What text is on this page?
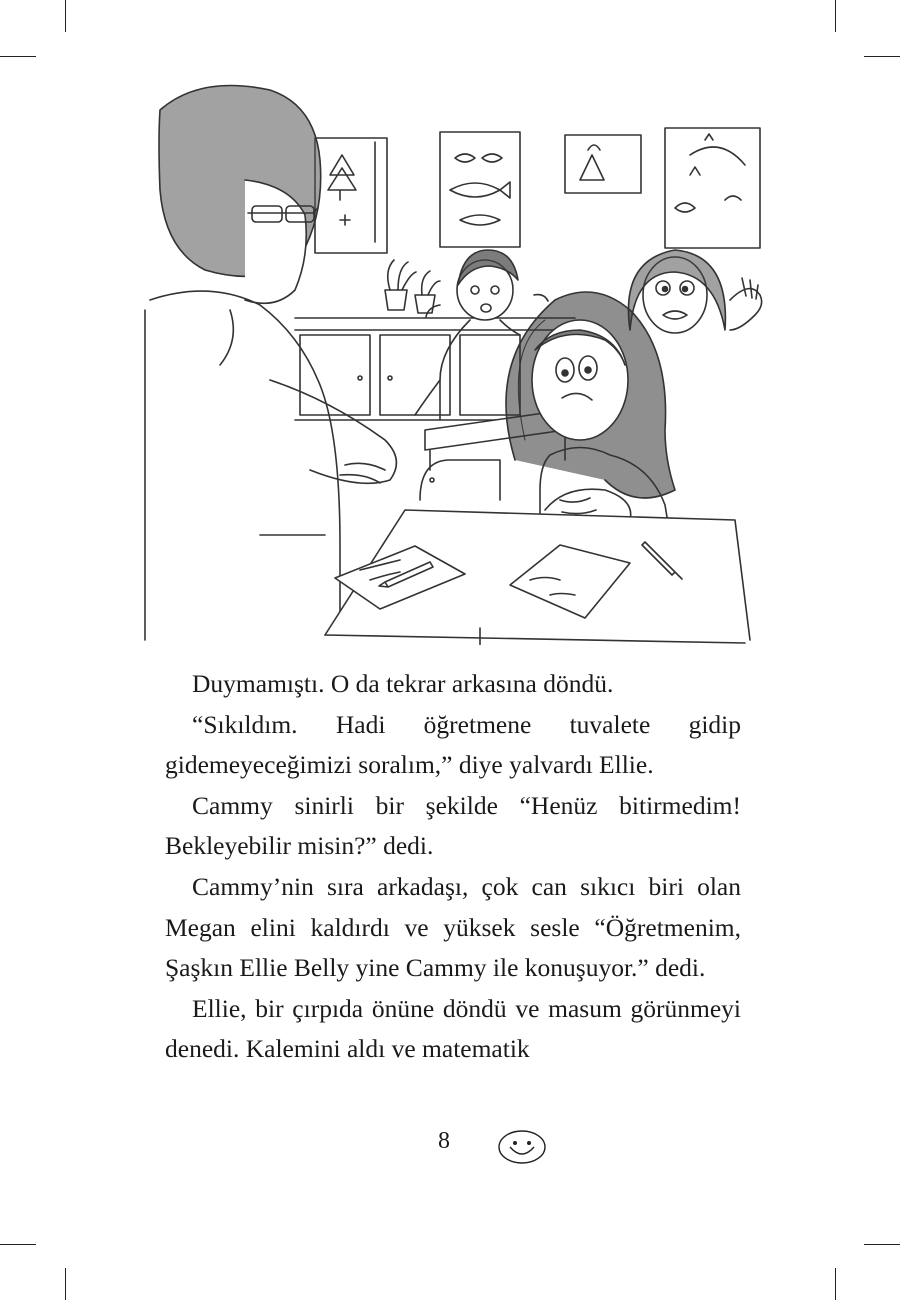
Duymamıştı. O da tekrar arkasına döndü.

“Sıkıldım. Hadi öğretmene tuvalete gidip gidemeyeceğimizi soralım,” diye yalvardı Ellie.

Cammy sinirli bir şekilde “Henüz bitirmedim! Bekleyebilir misin?” dedi.

Cammy’nin sıra arkadaşı, çok can sıkıcı biri olan Megan elini kaldırdı ve yüksek sesle “Öğretmenim, Şaşkın Ellie Belly yine Cammy ile konuşuyor.” dedi.

Ellie, bir çırpıda önüne döndü ve masum görünmeyi denedi. Kalemini aldı ve matematik

8
